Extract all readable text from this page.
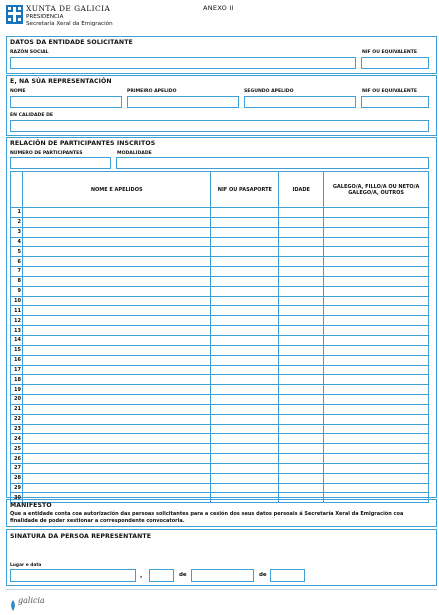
XUNTA DE GALICIA
PRESIDENCIA
Secretaría Xeral da Emigración
ANEXO II
DATOS DA ENTIDADE SOLICITANTE
RAZÓN SOCIAL	NIF OU EQUIVALENTE
E, NA SÚA REPRESENTACIÓN
NOME	PRIMEIRO APELIDO	SEGUNDO APELIDO	NIF OU EQUIVALENTE
EN CALIDADE DE
RELACIÓN DE PARTICIPANTES INSCRITOS
NÚMERO DE PARTICIPANTES	MODALIDADE
	NOME E APELIDOS	NIF OU PASAPORTE	IDADE	GALEGO/A, FILLO/A OU NETO/A GALEGO/A, OUTROS
1				
2				
3				
4				
5				
6				
7				
8				
9				
10				
11				
12				
13				
14				
15				
16				
17				
18				
19				
20				
21				
22				
23				
24				
25				
26				
27				
28				
29				
30				
MANIFESTO
Que a entidade conta coa autorización das persoas solicitantes para a cesión dos seus datos persoais á Secretaría Xeral da Emigración coa finalidade de poder xestionar a correspondente convocatoria.
SINATURA DA PERSOA REPRESENTANTE
Lugar e data
,	de	de
galicia
